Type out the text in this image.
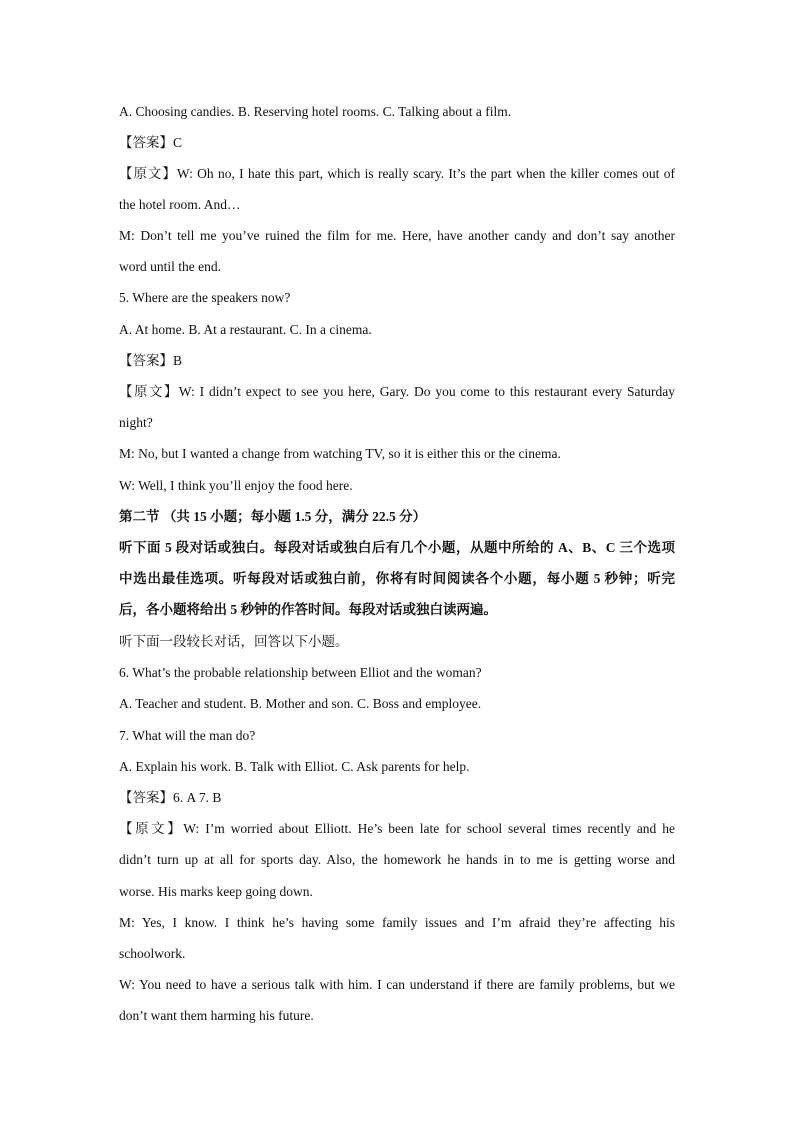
A. Choosing candies. B. Reserving hotel rooms. C. Talking about a film.
【答案】C
【原文】W: Oh no, I hate this part, which is really scary. It’s the part when the killer comes out of
the hotel room. And…
M: Don’t tell me you’ve ruined the film for me. Here, have another candy and don’t say another
word until the end.
5. Where are the speakers now?
A. At home. B. At a restaurant. C. In a cinema.
【答案】B
【原文】W: I didn’t expect to see you here, Gary. Do you come to this restaurant every Saturday
night?
M: No, but I wanted a change from watching TV, so it is either this or the cinema.
W: Well, I think you’ll enjoy the food here.
第二节 （共 15 小题；每小题 1.5 分，满分 22.5 分）
听下面 5 段对话或独白。每段对话或独白后有几个小题，从题中所给的 A、B、C 三个选项
中选出最佳选项。听每段对话或独白前，你将有时间阅读各个小题，每小题 5 秒钟；听完
后，各小题将给出 5 秒钟的作答时间。每段对话或独白读两遍。
听下面一段较长对话，回答以下小题。
6. What’s the probable relationship between Elliot and the woman?
A. Teacher and student. B. Mother and son. C. Boss and employee.
7. What will the man do?
A. Explain his work. B. Talk with Elliot. C. Ask parents for help.
【答案】6. A 7. B
【原文】W: I’m worried about Elliott. He’s been late for school several times recently and he
didn’t turn up at all for sports day. Also, the homework he hands in to me is getting worse and
worse. His marks keep going down.
M: Yes, I know. I think he’s having some family issues and I’m afraid they’re affecting his
schoolwork.
W: You need to have a serious talk with him. I can understand if there are family problems, but we
don’t want them harming his future.
